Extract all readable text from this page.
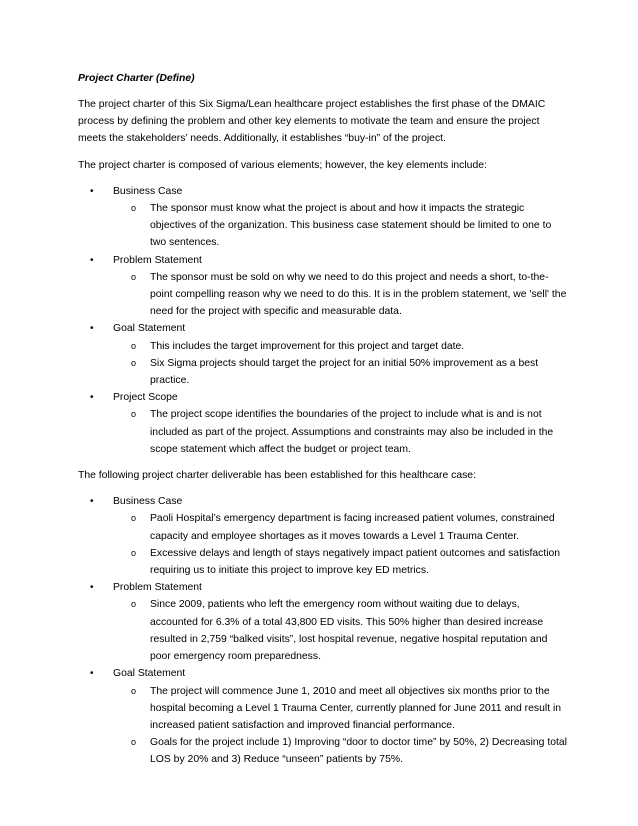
Project Charter (Define)

The project charter of this Six Sigma/Lean healthcare project establishes the first phase of the DMAIC process by defining the problem and other key elements to motivate the team and ensure the project meets the stakeholders’ needs. Additionally, it establishes “buy-in” of the project.

The project charter is composed of various elements; however, the key elements include:

• Business Case
o The sponsor must know what the project is about and how it impacts the strategic objectives of the organization. This business case statement should be limited to one to two sentences.
• Problem Statement
o The sponsor must be sold on why we need to do this project and needs a short, to-the-point compelling reason why we need to do this. It is in the problem statement, we 'sell' the need for the project with specific and measurable data.
• Goal Statement
o This includes the target improvement for this project and target date.
o Six Sigma projects should target the project for an initial 50% improvement as a best practice.
• Project Scope
o The project scope identifies the boundaries of the project to include what is and is not included as part of the project. Assumptions and constraints may also be included in the scope statement which affect the budget or project team.

The following project charter deliverable has been established for this healthcare case:

• Business Case
o Paoli Hospital’s emergency department is facing increased patient volumes, constrained capacity and employee shortages as it moves towards a Level 1 Trauma Center.
o Excessive delays and length of stays negatively impact patient outcomes and satisfaction requiring us to initiate this project to improve key ED metrics.
• Problem Statement
o Since 2009, patients who left the emergency room without waiting due to delays, accounted for 6.3% of a total 43,800 ED visits. This 50% higher than desired increase resulted in 2,759 “balked visits”, lost hospital revenue, negative hospital reputation and poor emergency room preparedness.
• Goal Statement
o The project will commence June 1, 2010 and meet all objectives six months prior to the hospital becoming a Level 1 Trauma Center, currently planned for June 2011 and result in increased patient satisfaction and improved financial performance.
o Goals for the project include 1) Improving “door to doctor time” by 50%, 2) Decreasing total LOS by 20% and 3) Reduce “unseen” patients by 75%.
